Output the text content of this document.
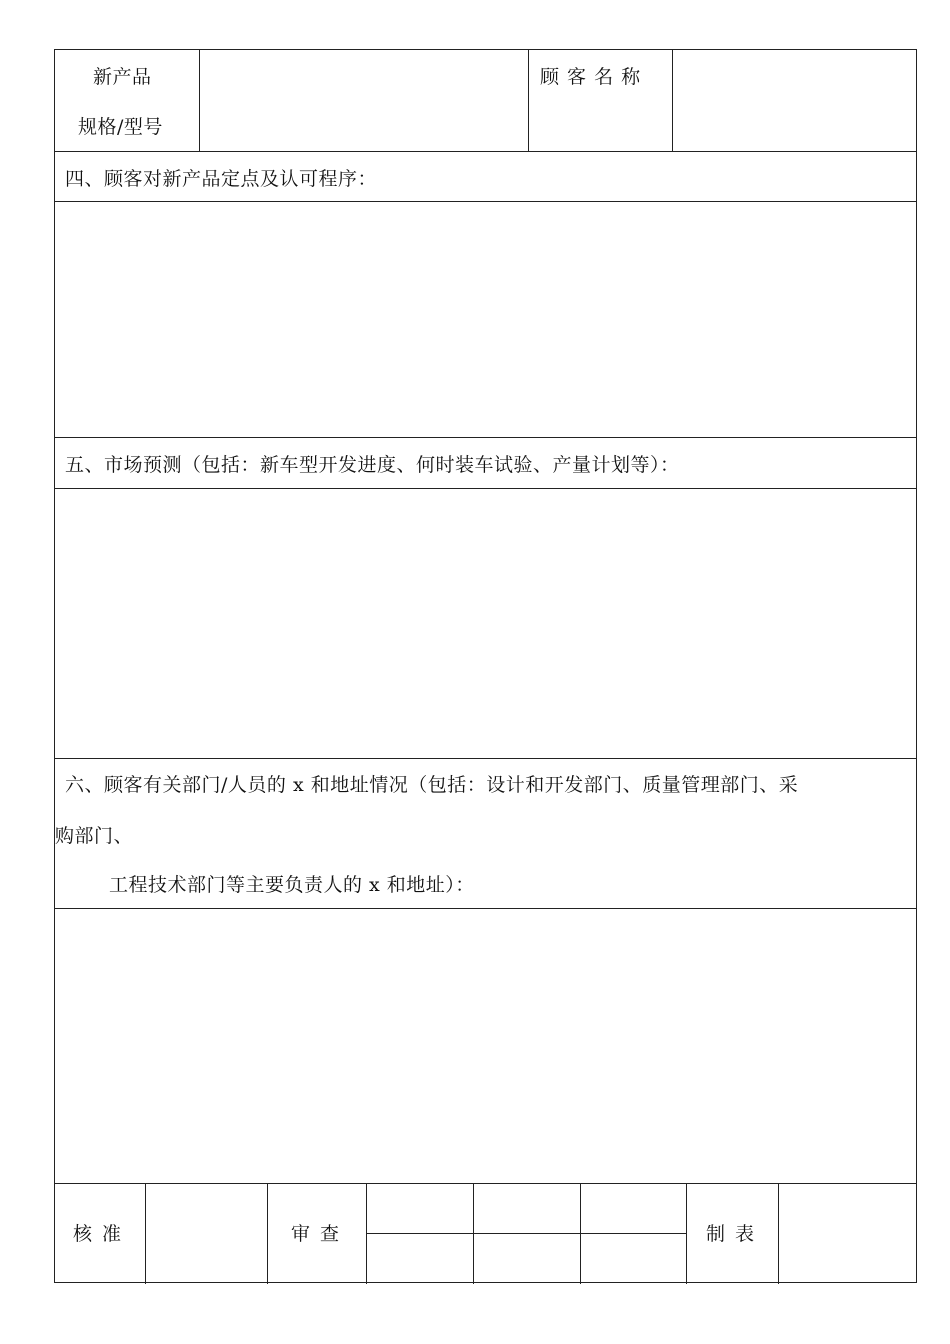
新产品
规格/型号
顾 客 名 称
四、顾客对新产品定点及认可程序：
五、市场预测（包括：新车型开发进度、何时装车试验、产量计划等）：
六、顾客有关部门/人员的 x 和地址情况（包括：设计和开发部门、质量管理部门、采
购部门、
工程技术部门等主要负责人的 x 和地址）：
核 准	审 查	制 表
